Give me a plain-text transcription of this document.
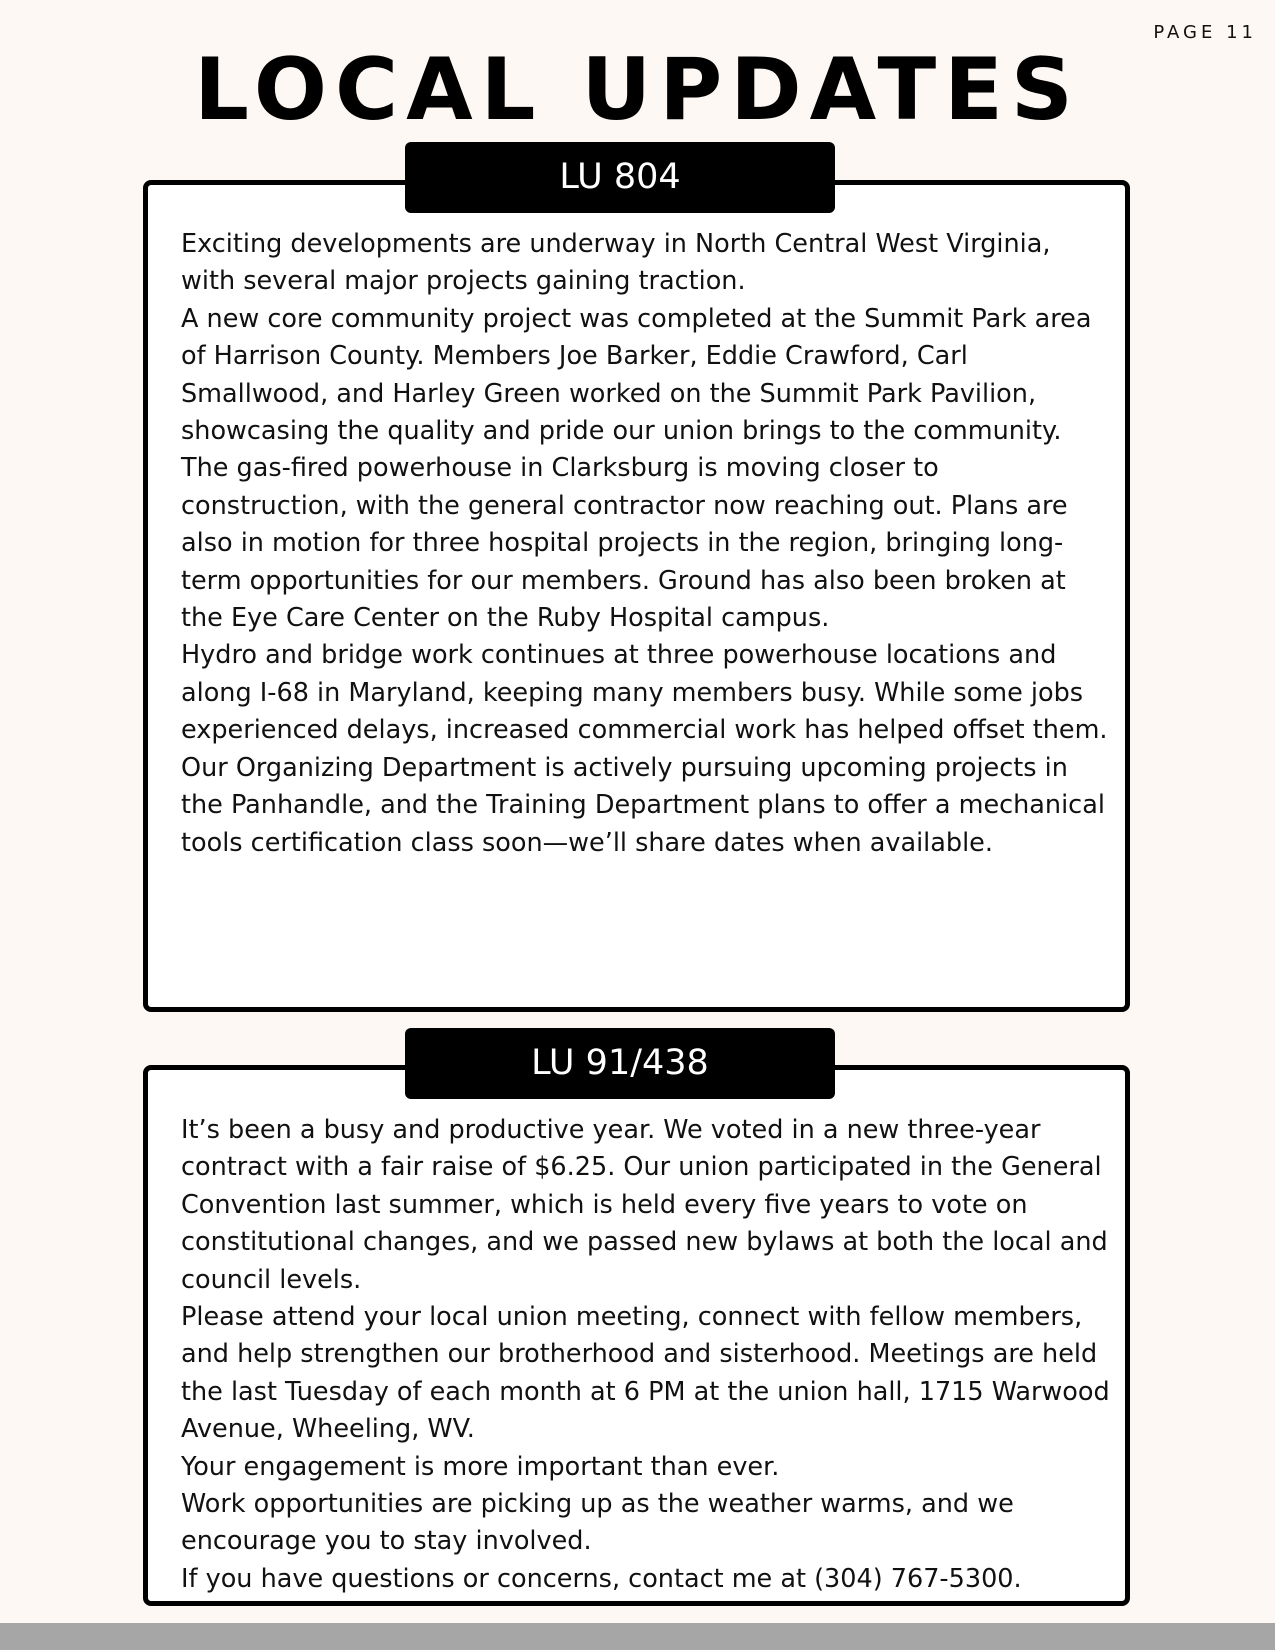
PAGE 11
LOCAL UPDATES
LU 804

Exciting developments are underway in North Central West Virginia, with several major projects gaining traction.

A new core community project was completed at the Summit Park area of Harrison County. Members Joe Barker, Eddie Crawford, Carl Smallwood, and Harley Green worked on the Summit Park Pavilion, showcasing the quality and pride our union brings to the community.

The gas-fired powerhouse in Clarksburg is moving closer to construction, with the general contractor now reaching out. Plans are also in motion for three hospital projects in the region, bringing long-term opportunities for our members. Ground has also been broken at the Eye Care Center on the Ruby Hospital campus.

Hydro and bridge work continues at three powerhouse locations and along I-68 in Maryland, keeping many members busy. While some jobs experienced delays, increased commercial work has helped offset them.

Our Organizing Department is actively pursuing upcoming projects in the Panhandle, and the Training Department plans to offer a mechanical tools certification class soon—we’ll share dates when available.

LU 91/438

It’s been a busy and productive year. We voted in a new three-year contract with a fair raise of $6.25. Our union participated in the General Convention last summer, which is held every five years to vote on constitutional changes, and we passed new bylaws at both the local and council levels.

Please attend your local union meeting, connect with fellow members, and help strengthen our brotherhood and sisterhood. Meetings are held the last Tuesday of each month at 6 PM at the union hall, 1715 Warwood Avenue, Wheeling, WV.

Your engagement is more important than ever.

Work opportunities are picking up as the weather warms, and we encourage you to stay involved.

If you have questions or concerns, contact me at (304) 767-5300.
